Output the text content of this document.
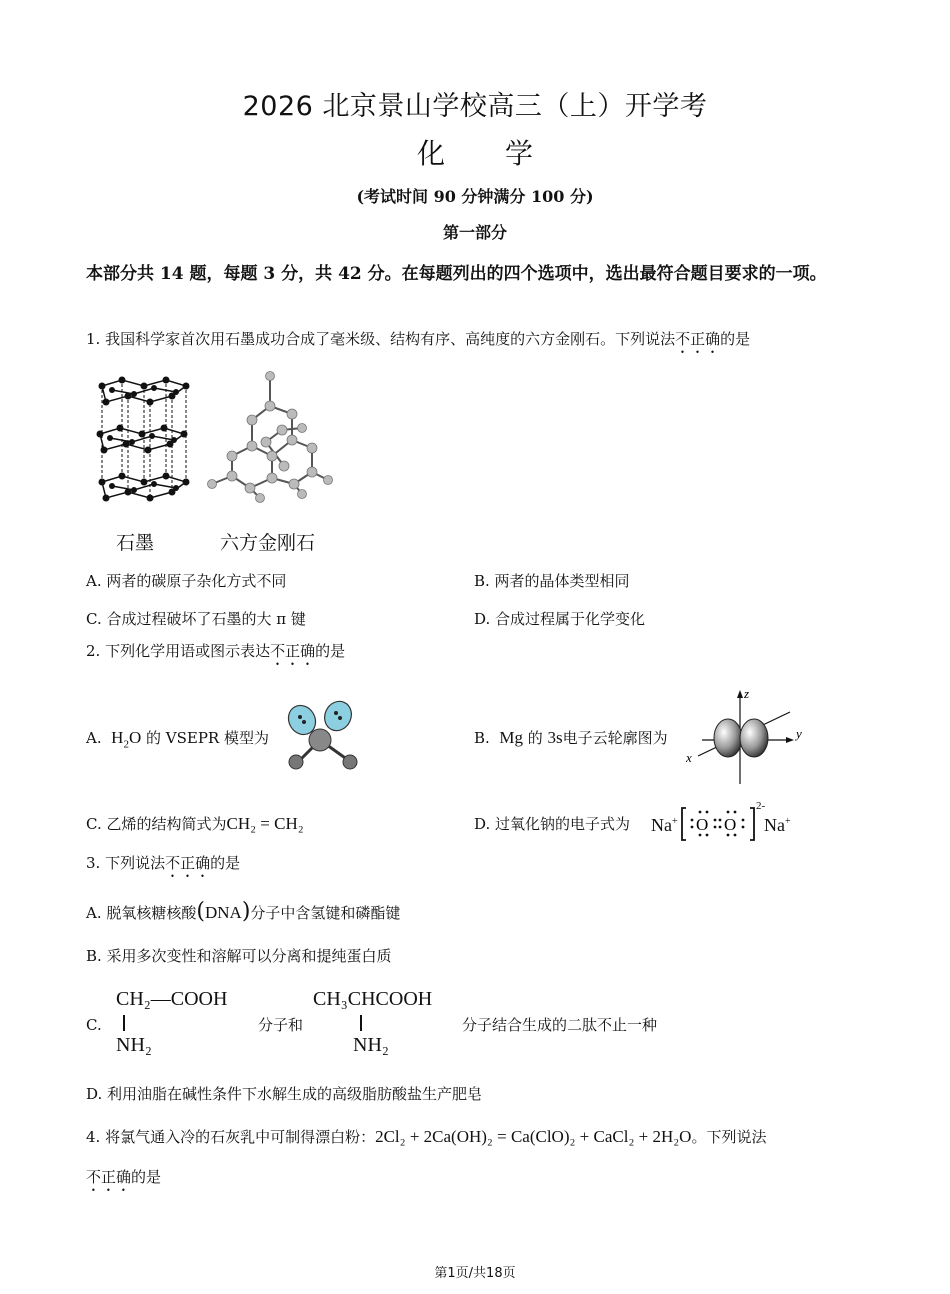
2026 北京景山学校高三（上）开学考
化学
(考试时间 90 分钟满分 100 分)
第一部分
本部分共 14 题，每题 3 分，共 42 分。在每题列出的四个选项中，选出最符合题目要求的一项。
1. 我国科学家首次用石墨成功合成了毫米级、结构有序、高纯度的六方金刚石。下列说法不正确的是
石墨	六方金刚石
A. 两者的碳原子杂化方式不同	B. 两者的晶体类型相同
C. 合成过程破坏了石墨的大 π 键	D. 合成过程属于化学变化
2. 下列化学用语或图示表达不正确的是
A. $H_2O$ 的 VSEPR 模型为	B. Mg 的 3s电子云轮廓图为
z
y
x
C. 乙烯的结构简式为CH₂ = CH₂	D. 过氧化钠的电子式为 Na+ O O
2-
Na+
3. 下列说法不正确的是
A. 脱氧核糖核酸(DNA)分子中含氢键和磷酯键
B. 采用多次变性和溶解可以分离和提纯蛋白质
C.
CH₂—COOH
NH₂
分子和
CH₃CHCOOH
NH₂
分子结合生成的二肽不止一种
D. 利用油脂在碱性条件下水解生成的高级脂肪酸盐生产肥皂
4. 将氯气通入冷的石灰乳中可制得漂白粉：2Cl₂ + 2Ca(OH)₂ = Ca(ClO)₂ + CaCl₂ + 2H₂O。下列说法
不正确的是
第1页/共18页
